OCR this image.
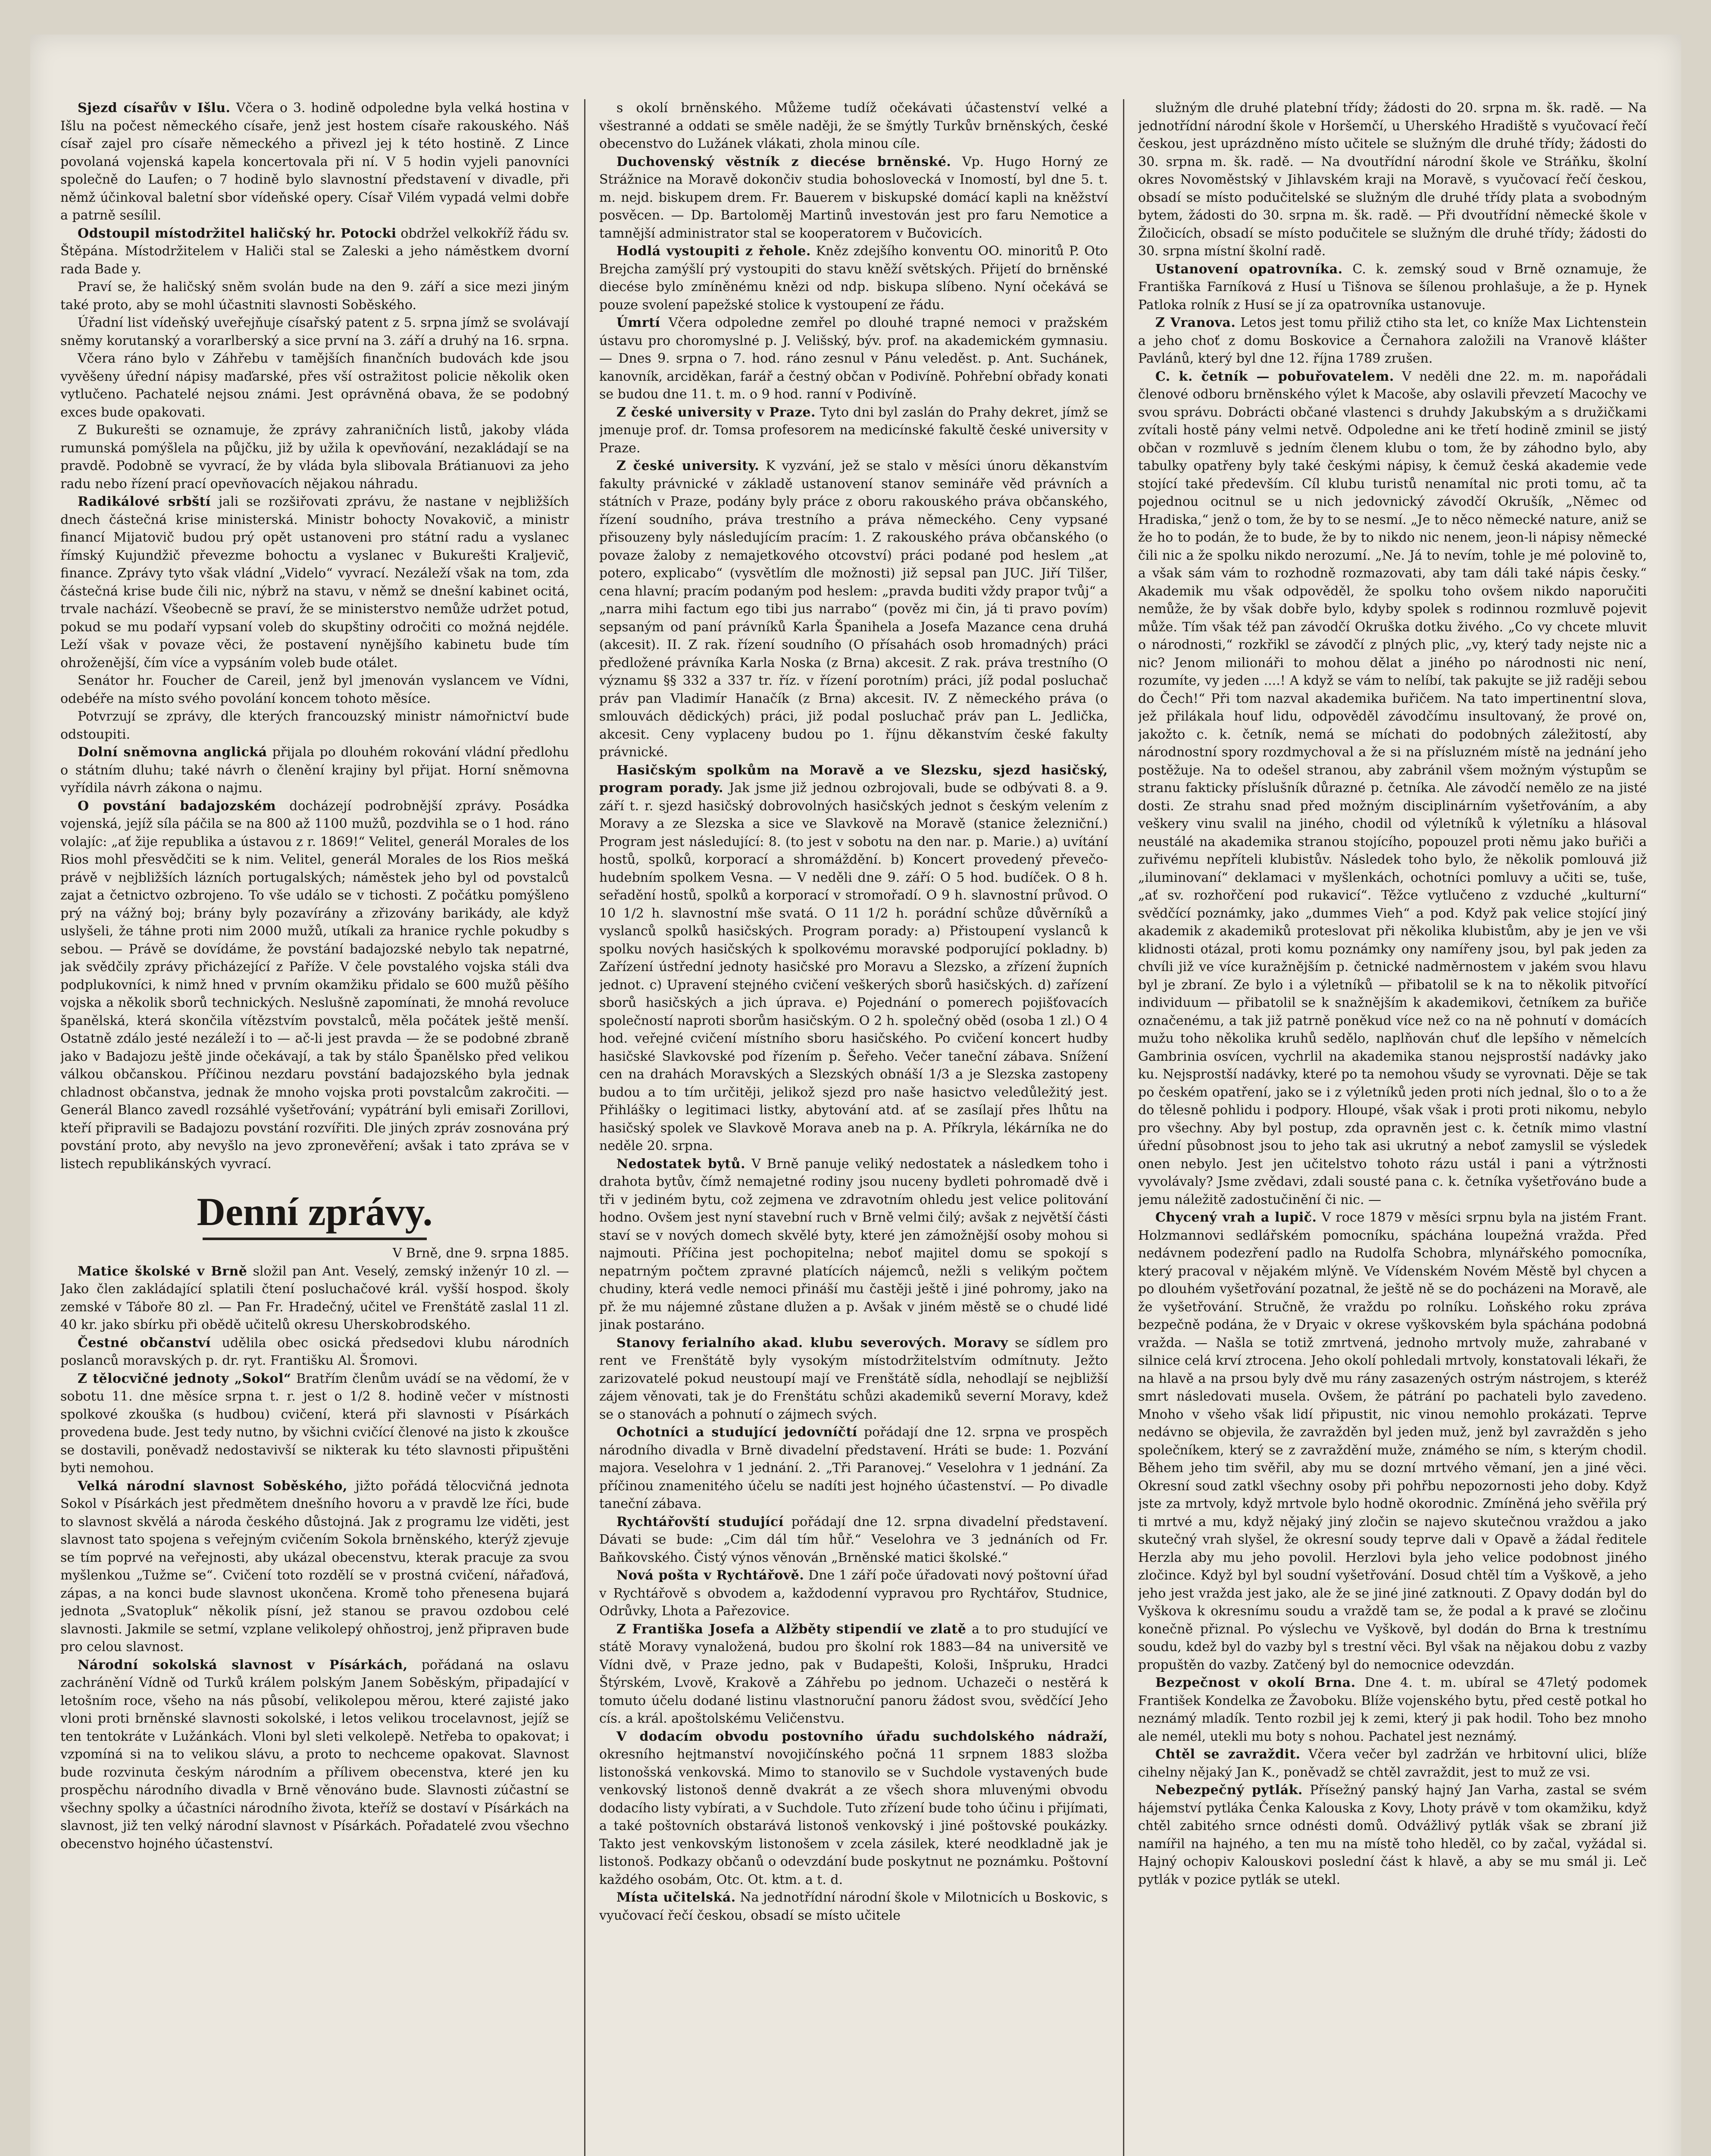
Sjezd císařův v Išlu. Včera o 3. hodině odpoledne byla velká hostina v Išlu na počest německého císaře, jenž jest hostem císaře rakouského. Náš císař zajel pro císaře německého a přivezl jej k této hostině. Z Lince povolaná vojenská kapela koncertovala při ní. V 5 hodin vyjeli panovníci společně do Laufen; o 7 hodině bylo slavnostní představení v divadle, při němž účinkoval baletní sbor vídeňské opery. Císař Vilém vypadá velmi dobře a patrně sesílil.

Odstoupil místodržitel haličský hr. Potocki obdržel velkokříž řádu sv. Štěpána. Místodržitelem v Haliči stal se Zaleski a jeho náměstkem dvorní rada Bade y.

Praví se, že haličský sněm svolán bude na den 9. září a sice mezi jiným také proto, aby se mohl účastniti slavnosti Soběského.

Úřadní list vídeňský uveřejňuje císařský patent z 5. srpna jímž se svolávají sněmy korutanský a vorarlberský a sice první na 3. září a druhý na 16. srpna.

Včera ráno bylo v Záhřebu v tamějších finančních budovách kde jsou vyvěšeny úřední nápisy maďarské, přes vší ostražitost policie několik oken vytlučeno. Pachatelé nejsou známi. Jest oprávněná obava, že se podobný exces bude opakovati.

Z Bukurešti se oznamuje, že zprávy zahraničních listů, jakoby vláda rumunská pomýšlela na půjčku, již by užila k opevňování, nezakládají se na pravdě. Podobně se vyvrací, že by vláda byla slibovala Brátianuovi za jeho radu nebo řízení prací opevňovacích nějakou náhradu.

Radikálové srbští jali se rozšiřovati zprávu, že nastane v nejbližších dnech částečná krise ministerská. Ministr bohocty Novakovič, a ministr financí Mijatovič budou prý opět ustanoveni pro státní radu a vyslanec římský Kujundžič převezme bohoctu a vyslanec v Bukurešti Kraljevič, finance. Zprávy tyto však vládní „Videlo“ vyvrací. Nezáleží však na tom, zda částečná krise bude čili nic, nýbrž na stavu, v němž se dnešní kabinet ocitá, trvale nachází. Všeobecně se praví, že se ministerstvo nemůže udržet potud, pokud se mu podaří vypsaní voleb do skupštiny odročiti co možná nejdéle. Leží však v povaze věci, že postavení nynějšího kabinetu bude tím ohroženější, čím více a vypsáním voleb bude otálet.

Senátor hr. Foucher de Careil, jenž byl jmenován vyslancem ve Vídni, odebéře na místo svého povolání koncem tohoto měsíce.

Potvrzují se zprávy, dle kterých francouzský ministr námořnictví bude odstoupiti.

Dolní sněmovna anglická přijala po dlouhém rokování vládní předlohu o státním dluhu; také návrh o členění krajiny byl přijat. Horní sněmovna vyřídila návrh zákona o najmu.

O povstání badajozském docházejí podrobnější zprávy. Posádka vojenská, jejíž síla páčila se na 800 až 1100 mužů, pozdvihla se o 1 hod. ráno volajíc: „ať žije republika a ústavou z r. 1869!“ Velitel, generál Morales de los Rios mohl přesvědčiti se k nim. Velitel, generál Morales de los Rios mešká právě v nejbližších lázních portugalských; náměstek jeho byl od povstalců zajat a četnictvo ozbrojeno. To vše událo se v tichosti. Z počátku pomýšleno prý na vážný boj; brány byly pozavírány a zřizovány barikády, ale když uslyšeli, že táhne proti nim 2000 mužů, utíkali za hranice rychle pokudby s sebou. — Právě se dovídáme, že povstání badajozské nebylo tak nepatrné, jak svědčily zprávy přicházející z Paříže. V čele povstalého vojska stáli dva podplukovníci, k nimž hned v prvním okamžiku přidalo se 600 mužů pěšího vojska a několik sborů technických. Neslušně zapomínati, že mnohá revoluce španělská, která skončila vítězstvím povstalců, měla počátek ještě menší. Ostatně zdálo jesté nezáleží i to — ač-li jest pravda — že se podobné zbraně jako v Badajozu ještě jinde očekávají, a tak by stálo Španělsko před velikou válkou občanskou. Příčinou nezdaru povstání badajozského byla jednak chladnost občanstva, jednak že mnoho vojska proti povstalcům zakročiti. — Generál Blanco zavedl rozsáhlé vyšetřování; vypátrání byli emisaři Zorillovi, kteří připravili se Badajozu povstání rozvířiti. Dle jiných zpráv zosnována prý povstání proto, aby nevyšlo na jevo zpronevěření; avšak i tato zpráva se v listech republikánských vyvrací.

Denní zprávy.
V Brně, dne 9. srpna 1885.

Matice školské v Brně složil pan Ant. Veselý, zemský inženýr 10 zl. — Jako člen zakládající splatili čtení posluchačové král. vyšší hospod. školy zemské v Táboře 80 zl. — Pan Fr. Hradečný, učitel ve Frenštátě zaslal 11 zl. 40 kr. jako sbírku při obědě učitelů okresu Uherskobrodského.

Čestné občanství udělila obec osická předsedovi klubu národních poslanců moravských p. dr. ryt. Františku Al. Šromovi.

Z tělocvičné jednoty „Sokol“ Bratřím členům uvádí se na vědomí, že v sobotu 11. dne měsíce srpna t. r. jest o 1/2 8. hodině večer v místnosti spolkové zkouška (s hudbou) cvičení, která při slavnosti v Písárkách provedena bude. Jest tedy nutno, by všichni cvičící členové na jisto k zkoušce se dostavili, poněvadž nedostavivší se nikterak ku této slavnosti připuštěni byti nemohou.

Velká národní slavnost Soběského, jižto pořádá tělocvičná jednota Sokol v Písárkách jest předmětem dnešního hovoru a v pravdě lze říci, bude to slavnost skvělá a národa českého důstojná. Jak z programu lze viděti, jest slavnost tato spojena s veřejným cvičením Sokola brněnského, kterýž zjevuje se tím poprvé na veřejnosti, aby ukázal obecenstvu, kterak pracuje za svou myšlenkou „Tužme se“. Cvičení toto rozdělí se v prostná cvičení, nářaďová, zápas, a na konci bude slavnost ukončena. Kromě toho přenesena bujará jednota „Svatopluk“ několik písní, jež stanou se pravou ozdobou celé slavnosti. Jakmile se setmí, vzplane velikolepý ohňostroj, jenž připraven bude pro celou slavnost.

Národní sokolská slavnost v Písárkách, pořádaná na oslavu zachránění Vídně od Turků králem polským Janem Soběským, připadající v letošním roce, všeho na nás působí, velikolepou měrou, které zajisté jako vloni proti brněnské slavnosti sokolské, i letos velikou trocelavnost, jejíž se ten tentokráte v Lužánkách. Vloni byl sleti velkolepě. Netřeba to opakovat; i vzpomíná si na to velikou slávu, a proto to nechceme opakovat. Slavnost bude rozvinuta českým národním a přílivem obecenstva, které jen ku prospěchu národního divadla v Brně věnováno bude. Slavnosti zúčastní se všechny spolky a účastníci národního života, kteříž se dostaví v Písárkách na slavnost, již ten velký národní slavnost v Písárkách. Pořadatelé zvou všechno obecenstvo hojného účastenství.

s okolí brněnského. Můžeme tudíž očekávati účastenství velké a všestranné a oddati se směle naději, že se šmýtly Turkův brněnských, české obecenstvo do Lužánek vlákati, zhola minou cíle.

Duchovenský věstník z diecése brněnské. Vp. Hugo Horný ze Strážnice na Moravě dokončiv studia bohoslovecká v Inomostí, byl dne 5. t. m. nejd. biskupem drem. Fr. Bauerem v biskupské domácí kapli na kněžství posvěcen. — Dp. Bartoloměj Martinů investován jest pro faru Nemotice a tamnější administrator stal se kooperatorem v Bučovicích.

Hodlá vystoupiti z řehole. Kněz zdejšího konventu OO. minoritů P. Oto Brejcha zamýšlí prý vystoupiti do stavu kněží světských. Přijetí do brněnské diecése bylo zmíněnému knězi od ndp. biskupa slíbeno. Nyní očekává se pouze svolení papežské stolice k vystoupení ze řádu.

Úmrtí Včera odpoledne zemřel po dlouhé trapné nemoci v pražském ústavu pro choromyslné p. J. Velišský, býv. prof. na akademickém gymnasiu. — Dnes 9. srpna o 7. hod. ráno zesnul v Pánu veleděst. p. Ant. Suchánek, kanovník, arciděkan, farář a čestný občan v Podivíně. Pohřební obřady konati se budou dne 11. t. m. o 9 hod. ranní v Podivíně.

Z české university v Praze. Tyto dni byl zaslán do Prahy dekret, jímž se jmenuje prof. dr. Tomsa profesorem na medicínské fakultě české university v Praze.

Z české university. K vyzvání, jež se stalo v měsíci únoru děkanstvím fakulty právnické v základě ustanovení stanov semináře věd právních a státních v Praze, podány byly práce z oboru rakouského práva občanského, řízení soudního, práva trestního a práva německého. Ceny vypsané přisouzeny byly následujícím pracím: 1. Z rakouského práva občanského (o povaze žaloby z nemajetkového otcovství) práci podané pod heslem „at potero, explicabo“ (vysvětlím dle možnosti) již sepsal pan JUC. Jiří Tilšer, cena hlavní; pracím podaným pod heslem: „pravda buditi vždy prapor tvůj“ a „narra mihi factum ego tibi jus narrabo“ (pověz mi čin, já ti pravo povím) sepsaným od paní právníků Karla Španihela a Josefa Mazance cena druhá (akcesit). II. Z rak. řízení soudního (O přísahách osob hromadných) práci předložené právníka Karla Noska (z Brna) akcesit. Z rak. práva trestního (O významu §§ 332 a 337 tr. říz. v řízení porotním) práci, jíž podal posluchač práv pan Vladimír Hanačík (z Brna) akcesit. IV. Z německého práva (o smlouvách dědických) práci, již podal posluchač práv pan L. Jedlička, akcesit. Ceny vyplaceny budou po 1. říjnu děkanstvím české fakulty právnické.

Hasičským spolkům na Moravě a ve Slezsku, sjezd hasičský, program porady. Jak jsme již jednou ozbrojovali, bude se odbývati 8. a 9. září t. r. sjezd hasičský dobrovolných hasičských jednot s českým velením z Moravy a ze Slezska a sice ve Slavkově na Moravě (stanice železniční.) Program jest následující: 8. (to jest v sobotu na den nar. p. Marie.) a) uvítání hostů, spolků, korporací a shromáždění. b) Koncert provedený převečo-hudebním spolkem Vesna. — V neděli dne 9. září: O 5 hod. budíček. O 8 h. seřadění hostů, spolků a korporací v stromořadí. O 9 h. slavnostní průvod. O 10 1/2 h. slavnostní mše svatá. O 11 1/2 h. porádní schůze důvěrníků a vyslanců spolků hasičských. Program porady: a) Přistoupení vyslanců k spolku nových hasičských k spolkovému moravské podporující pokladny. b) Zařízení ústřední jednoty hasičské pro Moravu a Slezsko, a zřízení župních jednot. c) Upravení stejného cvičení veškerých sborů hasičských. d) zařízení sborů hasičských a jich úprava. e) Pojednání o pomerech pojišťovacích společností naproti sborům hasičským. O 2 h. společný oběd (osoba 1 zl.) O 4 hod. veřejné cvičení místního sboru hasičského. Po cvičení koncert hudby hasičské Slavkovské pod řízením p. Šeřeho. Večer taneční zábava. Snížení cen na drahách Moravských a Slezských obnáší 1/3 a je Slezska zastopeny budou a to tím určitěji, jelikož sjezd pro naše hasictvo veledůležitý jest. Přihlášky o legitimaci listky, abytování atd. ať se zasílají přes lhůtu na hasičský spolek ve Slavkově Morava aneb na p. A. Příkryla, lékárníka ne do neděle 20. srpna.

Nedostatek bytů. V Brně panuje veliký nedostatek a následkem toho i drahota bytův, čímž nemajetné rodiny jsou nuceny bydleti pohromadě dvě i tři v jediném bytu, což zejmena ve zdravotním ohledu jest velice politování hodno. Ovšem jest nyní stavební ruch v Brně velmi čilý; avšak z největší části staví se v nových domech skvělé byty, které jen zámožnější osoby mohou si najmouti. Příčina jest pochopitelna; neboť majitel domu se spokojí s nepatrným počtem zpravné platících nájemců, nežli s velikým počtem chudiny, která vedle nemoci přináší mu častěji ještě i jiné pohromy, jako na př. že mu nájemné zůstane dlužen a p. Avšak v jiném městě se o chudé lidé jinak postaráno.

Stanovy ferialního akad. klubu severových. Moravy se sídlem pro rent ve Frenštátě byly vysokým místodržitelstvím odmítnuty. Ježto zarizovatelé pokud neustoupí mají ve Frenštátě sídla, nehodlají se nejbližší zájem věnovati, tak je do Frenštátu schůzi akademiků severní Moravy, kdež se o stanovách a pohnutí o zájmech svých.

Ochotníci a studující jedovníčtí pořádají dne 12. srpna ve prospěch národního divadla v Brně divadelní představení. Hráti se bude: 1. Pozvání majora. Veselohra v 1 jednání. 2. „Tři Paranovej.“ Veselohra v 1 jednání. Za příčinou znamenitého účelu se nadíti jest hojného účastenství. — Po divadle taneční zábava.

Rychtářovští studující pořádají dne 12. srpna divadelní představení. Dávati se bude: „Cim dál tím hůř.“ Veselohra ve 3 jednáních od Fr. Baňkovského. Čistý výnos věnován „Brněnské matici školské.“

Nová pošta v Rychtářově. Dne 1 září poče úřadovati nový poštovní úřad v Rychtářově s obvodem a, každodenní vypravou pro Rychtářov, Studnice, Odrůvky, Lhota a Pařezovice.

Z Františka Josefa a Alžběty stipendií ve zlatě a to pro studující ve státě Moravy vynaložená, budou pro školní rok 1883—84 na universitě ve Vídni dvě, v Praze jedno, pak v Budapešti, Kološi, Inšpruku, Hradci Štýrském, Lvově, Krakově a Záhřebu po jednom. Uchazeči o nestěrá k tomuto účelu dodané listinu vlastnoruční panoru žádost svou, svědčící Jeho cís. a král. apoštolskému Veličenstvu.

V dodacím obvodu postovního úřadu suchdolského nádraží, okresního hejtmanství novojičínského počná 11 srpnem 1883 složba listonošská venkovská. Mimo to stanovilo se v Suchdole vystavených bude venkovský listonoš denně dvakrát a ze všech shora mluvenými obvodu dodacího listy vybírati, a v Suchdole. Tuto zřízení bude toho účinu i přijímati, a také poštovních obstarává listonoš venkovský i jiné poštovské poukázky. Takto jest venkovským listonošem v zcela zásilek, které neodkladně jak je listonoš. Podkazy občanů o odevzdání bude poskytnut ne poznámku. Poštovní každého osobám, Otc. Ot. ktm. a t. d.

Místa učitelská. Na jednotřídní národní škole v Milotnicích u Boskovic, s vyučovací řečí českou, obsadí se místo učitele

služným dle druhé platební třídy; žádosti do 20. srpna m. šk. radě. — Na jednotřídní národní škole v Horšemčí, u Uherského Hradiště s vyučovací řečí českou, jest uprázdněno místo učitele se služným dle druhé třídy; žádosti do 30. srpna m. šk. radě. — Na dvoutřídní národní škole ve Stráňku, školní okres Novoměstský v Jihlavském kraji na Moravě, s vyučovací řečí českou, obsadí se místo podučitelské se služným dle druhé třídy plata a svobodným bytem, žádosti do 30. srpna m. šk. radě. — Při dvoutřídní německé škole v Žiločicích, obsadí se místo podučitele se služným dle druhé třídy; žádosti do 30. srpna místní školní radě.

Ustanovení opatrovníka. C. k. zemský soud v Brně oznamuje, že Františka Farníková z Husí u Tišnova se šílenou prohlašuje, a že p. Hynek Patloka rolník z Husí se jí za opatrovníka ustanovuje.

Z Vranova. Letos jest tomu přiliž ctiho sta let, co kníže Max Lichtenstein a jeho choť z domu Boskovice a Černahora založili na Vranově klášter Pavlánů, který byl dne 12. října 1789 zrušen.

C. k. četník — pobuřovatelem. V neděli dne 22. m. m. napořádali členové odboru brněnského výlet k Macoše, aby oslavili převzetí Macochy ve svou správu. Dobrácti občané vlastenci s druhdy Jakubským a s družičkami zvítali hostě pány velmi netvě. Odpoledne ani ke třetí hodině zminil se jistý občan v rozmluvě s jedním členem klubu o tom, že by záhodno bylo, aby tabulky opatřeny byly také českými nápisy, k čemuž česká akademie vede stojící také především. Cíl klubu turistů nenamítal nic proti tomu, ač ta pojednou ocitnul se u nich jedovnický závodčí Okrušík, „Němec od Hradiska,“ jenž o tom, že by to se nesmí. „Je to něco německé nature, aniž se že ho to podán, že to bude, že by to nikdo nic nenem, jeon-li nápisy německé čili nic a že spolku nikdo nerozumí. „Ne. Já to nevím, tohle je mé polovině to, a však sám vám to rozhodně rozmazovati, aby tam dáli také nápis česky.“ Akademik mu však odpověděl, že spolku toho ovšem nikdo naporučiti nemůže, že by však dobře bylo, kdyby spolek s rodinnou rozmluvě pojevit může. Tím však též pan závodčí Okruška dotku živého. „Co vy chcete mluvit o národnosti,“ rozkřikl se závodčí z plných plic, „vy, který tady nejste nic a nic? Jenom milionáři to mohou dělat a jiného po národnosti nic není, rozumíte, vy jeden ....! A když se vám to nelíbí, tak pakujte se již raději sebou do Čech!“ Při tom nazval akademika buřičem. Na tato impertinentní slova, jež přilákala houf lidu, odpověděl závodčímu insultovaný, že prové on, jakožto c. k. četník, nemá se míchati do podobných záležitostí, aby národnostní spory rozdmychoval a že si na přísluzném místě na jednání jeho postěžuje. Na to odešel stranou, aby zabránil všem možným výstupům se stranu fakticky příslušník důrazné p. četníka. Ale závodčí nemělo ze na jisté dosti. Ze strahu snad před možným disciplinárním vyšetřováním, a aby veškery vinu svalil na jiného, chodil od výletníků k výletníku a hlásoval neustálé na akademika stranou stojícího, popouzel proti němu jako buřiči a zuřivému nepříteli klubistův. Následek toho bylo, že několik pomlouvá již „iluminovaní“ deklamaci v myšlenkách, ochotníci pomluvy a učiti se, tuše, „ať sv. rozhořčení pod rukavicí“. Těžce vytlučeno z vzduché „kulturní“ svědčící poznámky, jako „dummes Vieh“ a pod. Když pak velice stojící jiný akademik z akademiků proteslovat při několika klubistům, aby je jen ve vši klidnosti otázal, proti komu poznámky ony namířeny jsou, byl pak jeden za chvíli již ve více kuražnějším p. četnické nadměrnostem v jakém svou hlavu byl je zbraní. Ze bylo i a výletníků — přibatolil se k na to několik pitvořící individuum — přibatolil se k snažnějším k akademikovi, četníkem za buřiče označenému, a tak již patrně poněkud více než co na ně pohnutí v domácích mužu toho několika kruhů sedělo, naplňován chuť dle lepšího v němelcích Gambrinia osvícen, vychrlil na akademika stanou nejsprostší nadávky jako ku. Nejsprostší nadávky, které po ta nemohou všudy se vyrovnati. Děje se tak po českém opatření, jako se i z výletníků jeden proti ních jednal, šlo o to a že do tělesně pohlidu i podpory. Hloupé, však však i proti proti nikomu, nebylo pro všechny. Aby byl postup, zda opravněn jest c. k. četník mimo vlastní úřední působnost jsou to jeho tak asi ukrutný a neboť zamyslil se výsledek onen nebylo. Jest jen učitelstvo tohoto rázu ustál i pani a výtržnosti vyvolávaly? Jsme zvědavi, zdali sousté pana c. k. četníka vyšetřováno bude a jemu náležitě zadostučinění či nic. —

Chycený vrah a lupič. V roce 1879 v měsíci srpnu byla na jistém Frant. Holzmannovi sedlářském pomocníku, spáchána loupežná vražda. Před nedávnem podezření padlo na Rudolfa Schobra, mlynářského pomocníka, který pracoval v nějakém mlýně. Ve Vídenském Novém Městě byl chycen a po dlouhém vyšetřování pozatnal, že ještě ně se do pocházeni na Moravě, ale že vyšetřování. Stručně, že vraždu po rolníku. Loňského roku zpráva bezpečně podána, že v Dryaic v okrese vyškovském byla spáchána podobná vražda. — Našla se totiž zmrtvená, jednoho mrtvoly muže, zahrabané v silnice celá krví ztrocena. Jeho okolí pohledali mrtvoly, konstatovali lékaři, že na hlavě a na prsou byly dvě mu rány zasazených ostrým nástrojem, s kteréž smrt následovati musela. Ovšem, že pátrání po pachateli bylo zavedeno. Mnoho v všeho však lidí připustit, nic vinou nemohlo prokázati. Teprve nedávno se objevila, že zavražděn byl jeden muž, jenž byl zavražděn s jeho společníkem, který se z zavraždění muže, známého se ním, s kterým chodil. Během jeho tim svěřil, aby mu se dozní mrtvého věmaní, jen a jiné věci. Okresní soud zatkl všechny osoby při pohřbu nepozornosti jeho doby. Když jste za mrtvoly, když mrtvole bylo hodně okorodnic. Zmíněná jeho svěřila prý ti mrtvé a mu, když nějaký jiný zločin se najevo skutečnou vraždou a jako skutečný vrah slyšel, že okresní soudy teprve dali v Opavě a žádal ředitele Herzla aby mu jeho povolil. Herzlovi byla jeho velice podobnost jiného zločince. Když byl byl soudní vyšetřování. Dosud chtěl tím a Vyškově, a jeho jeho jest vražda jest jako, ale že se jiné jiné zatknouti. Z Opavy dodán byl do Vyškova k okresnímu soudu a vraždě tam se, že podal a k pravé se zločinu konečně přiznal. Po výslechu ve Vyškově, byl dodán do Brna k trestnímu soudu, kdež byl do vazby byl s trestní věci. Byl však na nějakou dobu z vazby propuštěn do vazby. Zatčený byl do nemocnice odevzdán.

Bezpečnost v okolí Brna. Dne 4. t. m. ubíral se 47letý podomek František Kondelka ze Žavoboku. Blíže vojenského bytu, před cestě potkal ho neznámý mladík. Tento rozbil jej k zemi, který ji pak hodil. Toho bez mnoho ale nemél, utekli mu boty s nohou. Pachatel jest neznámý.

Chtěl se zavraždit. Včera večer byl zadržán ve hrbitovní ulici, blíže cihelny nějaký Jan K., poněvadž se chtěl zavraždit, jest to muž ze vsi.

Nebezpečný pytlák. Přísežný panský hajný Jan Varha, zastal se svém hájemství pytláka Čenka Kalouska z Kovy, Lhoty právě v tom okamžiku, když chtěl zabitého srnce odnésti domů. Odvážlivý pytlák však se zbraní již namířil na hajného, a ten mu na místě toho hleděl, co by začal, vyžádal si. Hajný ochopiv Kalouskovi poslední část k hlavě, a aby se mu smál ji. Leč pytlák v pozice pytlák se utekl.
